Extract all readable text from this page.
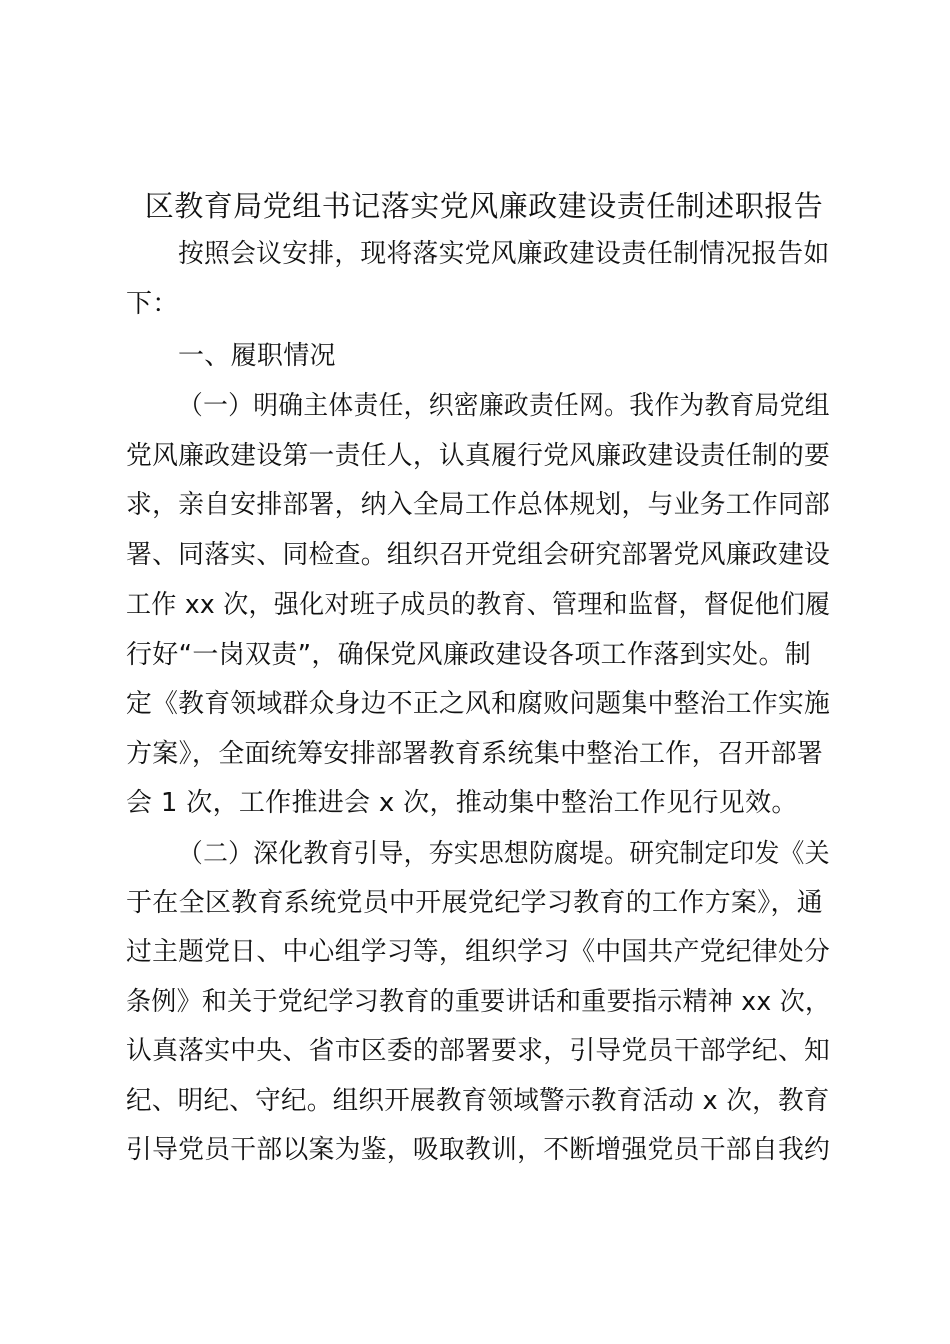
区教育局党组书记落实党风廉政建设责任制述职报告
按照会议安排，现将落实党风廉政建设责任制情况报告如
下：
一、履职情况
（一）明确主体责任，织密廉政责任网。我作为教育局党组
党风廉政建设第一责任人，认真履行党风廉政建设责任制的要
求，亲自安排部署，纳入全局工作总体规划，与业务工作同部
署、同落实、同检查。组织召开党组会研究部署党风廉政建设
工作 xx 次，强化对班子成员的教育、管理和监督，督促他们履
行好“一岗双责”，确保党风廉政建设各项工作落到实处。制
定《教育领域群众身边不正之风和腐败问题集中整治工作实施
方案》，全面统筹安排部署教育系统集中整治工作，召开部署
会 1 次，工作推进会 x 次，推动集中整治工作见行见效。
（二）深化教育引导，夯实思想防腐堤。研究制定印发《关
于在全区教育系统党员中开展党纪学习教育的工作方案》，通
过主题党日、中心组学习等，组织学习《中国共产党纪律处分
条例》和关于党纪学习教育的重要讲话和重要指示精神 xx 次，
认真落实中央、省市区委的部署要求，引导党员干部学纪、知
纪、明纪、守纪。组织开展教育领域警示教育活动 x 次，教育
引导党员干部以案为鉴，吸取教训，不断增强党员干部自我约
